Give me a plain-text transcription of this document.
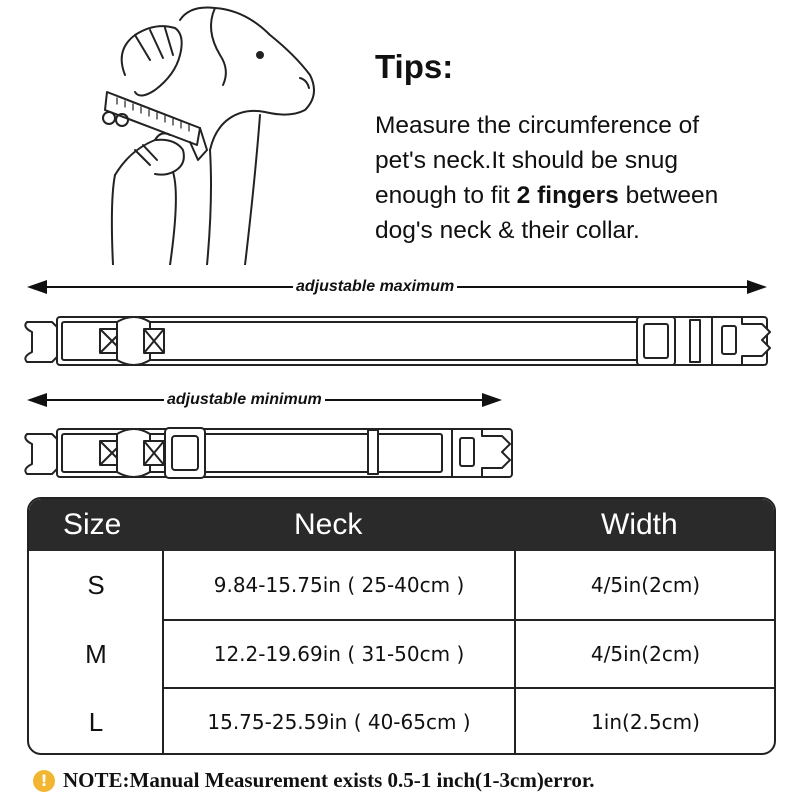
Tips:

Measure the circumference of
pet's neck.It should be snug
enough to fit 2 fingers between
dog's neck & their collar.

adjustable maximum
adjustable minimum
Size	Neck	Width
S	9.84-15.75in ( 25-40cm )	4/5in(2cm)
M	12.2-19.69in ( 31-50cm )	4/5in(2cm)
L	15.75-25.59in ( 40-65cm )	1in(2.5cm)
! NOTE:Manual Measurement exists 0.5-1 inch(1-3cm)error.
